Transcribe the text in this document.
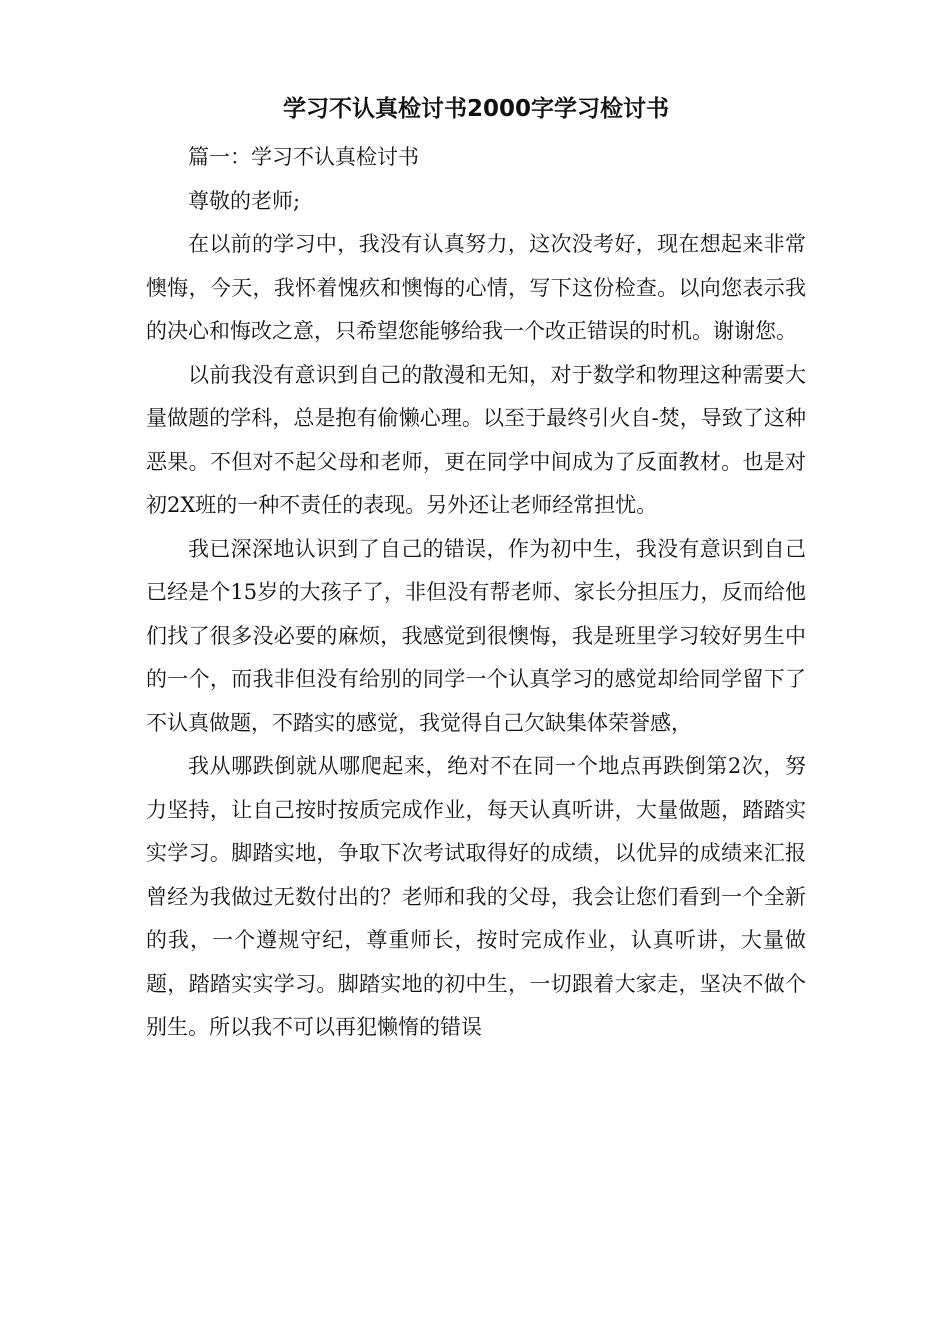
学习不认真检讨书2000字学习检讨书

篇一：学习不认真检讨书

尊敬的老师;

在以前的学习中，我没有认真努力，这次没考好，现在想起来非常懊悔，今天，我怀着愧疚和懊悔的心情，写下这份检查。以向您表示我的决心和悔改之意，只希望您能够给我一个改正错误的时机。谢谢您。

以前我没有意识到自己的散漫和无知，对于数学和物理这种需要大量做题的学科，总是抱有偷懒心理。以至于最终引火自-焚，导致了这种恶果。不但对不起父母和老师，更在同学中间成为了反面教材。也是对初2X班的一种不责任的表现。另外还让老师经常担忧。

我已深深地认识到了自己的错误，作为初中生，我没有意识到自己已经是个15岁的大孩子了，非但没有帮老师、家长分担压力，反而给他们找了很多没必要的麻烦，我感觉到很懊悔，我是班里学习较好男生中的一个，而我非但没有给别的同学一个认真学习的感觉却给同学留下了不认真做题，不踏实的感觉，我觉得自己欠缺集体荣誉感，

我从哪跌倒就从哪爬起来，绝对不在同一个地点再跌倒第2次，努力坚持，让自己按时按质完成作业，每天认真听讲，大量做题，踏踏实实学习。脚踏实地，争取下次考试取得好的成绩，以优异的成绩来汇报曾经为我做过无数付出的？老师和我的父母，我会让您们看到一个全新的我，一个遵规守纪，尊重师长，按时完成作业，认真听讲，大量做题，踏踏实实学习。脚踏实地的初中生，一切跟着大家走，坚决不做个别生。所以我不可以再犯懒惰的错误
